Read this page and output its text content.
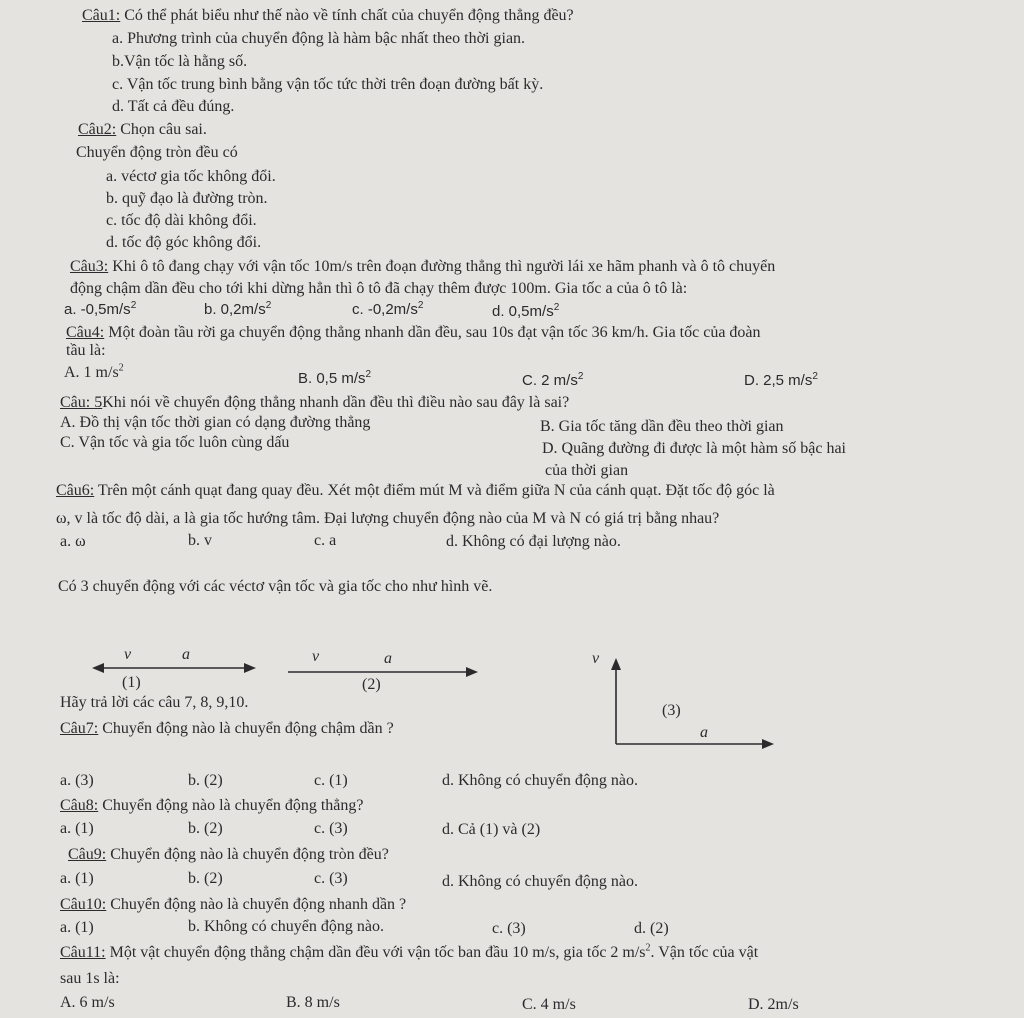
Câu1: Có thể phát biểu như thế nào về tính chất của chuyển động thẳng đều?
a. Phương trình của chuyển động là hàm bậc nhất theo thời gian.
b.Vận tốc là hằng số.
c. Vận tốc trung bình bằng vận tốc tức thời trên đoạn đường bất kỳ.
d. Tất cả đều đúng.
Câu2: Chọn câu sai.
Chuyển động tròn đều có
a. véctơ gia tốc không đổi.
b. quỹ đạo là đường tròn.
c. tốc độ dài không đổi.
d. tốc độ góc không đổi.
Câu3: Khi ô tô đang chạy với vận tốc 10m/s trên đoạn đường thẳng thì người lái xe hãm phanh và ô tô chuyển
động chậm dần đều cho tới khi dừng hẳn thì ô tô đã chạy thêm được 100m. Gia tốc a của ô tô là:
a. $-0,5m/s^2$	b. $0,2m/s^2$	c. $-0,2m/s^2$	d. $0,5m/s^2$
Câu4: Một đoàn tầu rời ga chuyển động thẳng nhanh dần đều, sau 10s đạt vận tốc 36 km/h. Gia tốc của đoàn
tầu là:
A. 1 $m/s^2$
B. 0,5 $m/s^2$	C. 2 $m/s^2$	D. 2,5 $m/s^2$
Câu: 5Khi nói về chuyển động thẳng nhanh dần đều thì điều nào sau đây là sai?
A. Đồ thị vận tốc thời gian có dạng đường thẳng	B. Gia tốc tăng dần đều theo thời gian
C. Vận tốc và gia tốc luôn cùng dấu	D. Quãng đường đi được là một hàm số bậc hai
của thời gian
Câu6: Trên một cánh quạt đang quay đều. Xét một điểm mút M và điểm giữa N của cánh quạt. Đặt tốc độ góc là
ω, v là tốc độ dài, a là gia tốc hướng tâm. Đại lượng chuyển động nào của M và N có giá trị bằng nhau?
a. ω	b. v	c. a	d. Không có đại lượng nào.
Có 3 chuyển động với các véctơ vận tốc và gia tốc cho như hình vẽ.
v⃗ a⃗
(1)
v⃗	a⃗
(2)
v⃗
(3)
a⃗
Hãy trả lời các câu 7, 8, 9,10.
Câu7: Chuyển động nào là chuyển động chậm dần ?
a. (3)	b. (2)	c. (1)	d. Không có chuyển động nào.
Câu8: Chuyển động nào là chuyển động thẳng?
a. (1)	b. (2)	c. (3)	d. Cả (1) và (2)
Câu9: Chuyển động nào là chuyển động tròn đều?
a. (1)	b. (2)	c. (3)	d. Không có chuyển động nào.
Câu10: Chuyển động nào là chuyển động nhanh dần ?
a. (1)	b. Không có chuyển động nào.	c. (3)	d. (2)
Câu11: Một vật chuyển động thẳng chậm dần đều với vận tốc ban đầu 10 m/s, gia tốc 2 $m/s^2$. Vận tốc của vật
sau 1s là:
A. 6 m/s	B. 8 m/s	C. 4 m/s	D. 2m/s
